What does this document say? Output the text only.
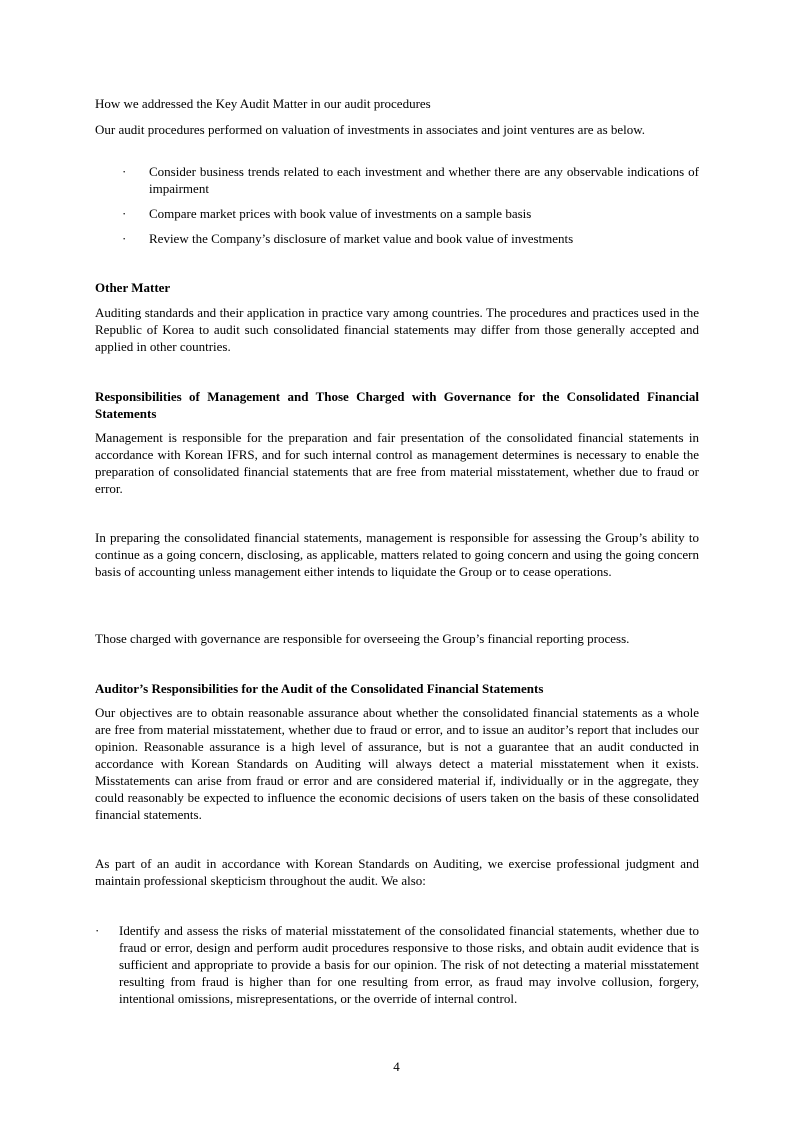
How we addressed the Key Audit Matter in our audit procedures

Our audit procedures performed on valuation of investments in associates and joint ventures are as below.

· Consider business trends related to each investment and whether there are any observable indications of impairment
· Compare market prices with book value of investments on a sample basis
· Review the Company’s disclosure of market value and book value of investments

Other Matter

Auditing standards and their application in practice vary among countries. The procedures and practices used in the Republic of Korea to audit such consolidated financial statements may differ from those generally accepted and applied in other countries.

Responsibilities of Management and Those Charged with Governance for the Consolidated Financial Statements

Management is responsible for the preparation and fair presentation of the consolidated financial statements in accordance with Korean IFRS, and for such internal control as management determines is necessary to enable the preparation of consolidated financial statements that are free from material misstatement, whether due to fraud or error.

In preparing the consolidated financial statements, management is responsible for assessing the Group’s ability to continue as a going concern, disclosing, as applicable, matters related to going concern and using the going concern basis of accounting unless management either intends to liquidate the Group or to cease operations.

Those charged with governance are responsible for overseeing the Group’s financial reporting process.

Auditor’s Responsibilities for the Audit of the Consolidated Financial Statements

Our objectives are to obtain reasonable assurance about whether the consolidated financial statements as a whole are free from material misstatement, whether due to fraud or error, and to issue an auditor’s report that includes our opinion. Reasonable assurance is a high level of assurance, but is not a guarantee that an audit conducted in accordance with Korean Standards on Auditing will always detect a material misstatement when it exists. Misstatements can arise from fraud or error and are considered material if, individually or in the aggregate, they could reasonably be expected to influence the economic decisions of users taken on the basis of these consolidated financial statements.

As part of an audit in accordance with Korean Standards on Auditing, we exercise professional judgment and maintain professional skepticism throughout the audit. We also:

· Identify and assess the risks of material misstatement of the consolidated financial statements, whether due to fraud or error, design and perform audit procedures responsive to those risks, and obtain audit evidence that is sufficient and appropriate to provide a basis for our opinion. The risk of not detecting a material misstatement resulting from fraud is higher than for one resulting from error, as fraud may involve collusion, forgery, intentional omissions, misrepresentations, or the override of internal control.
4
